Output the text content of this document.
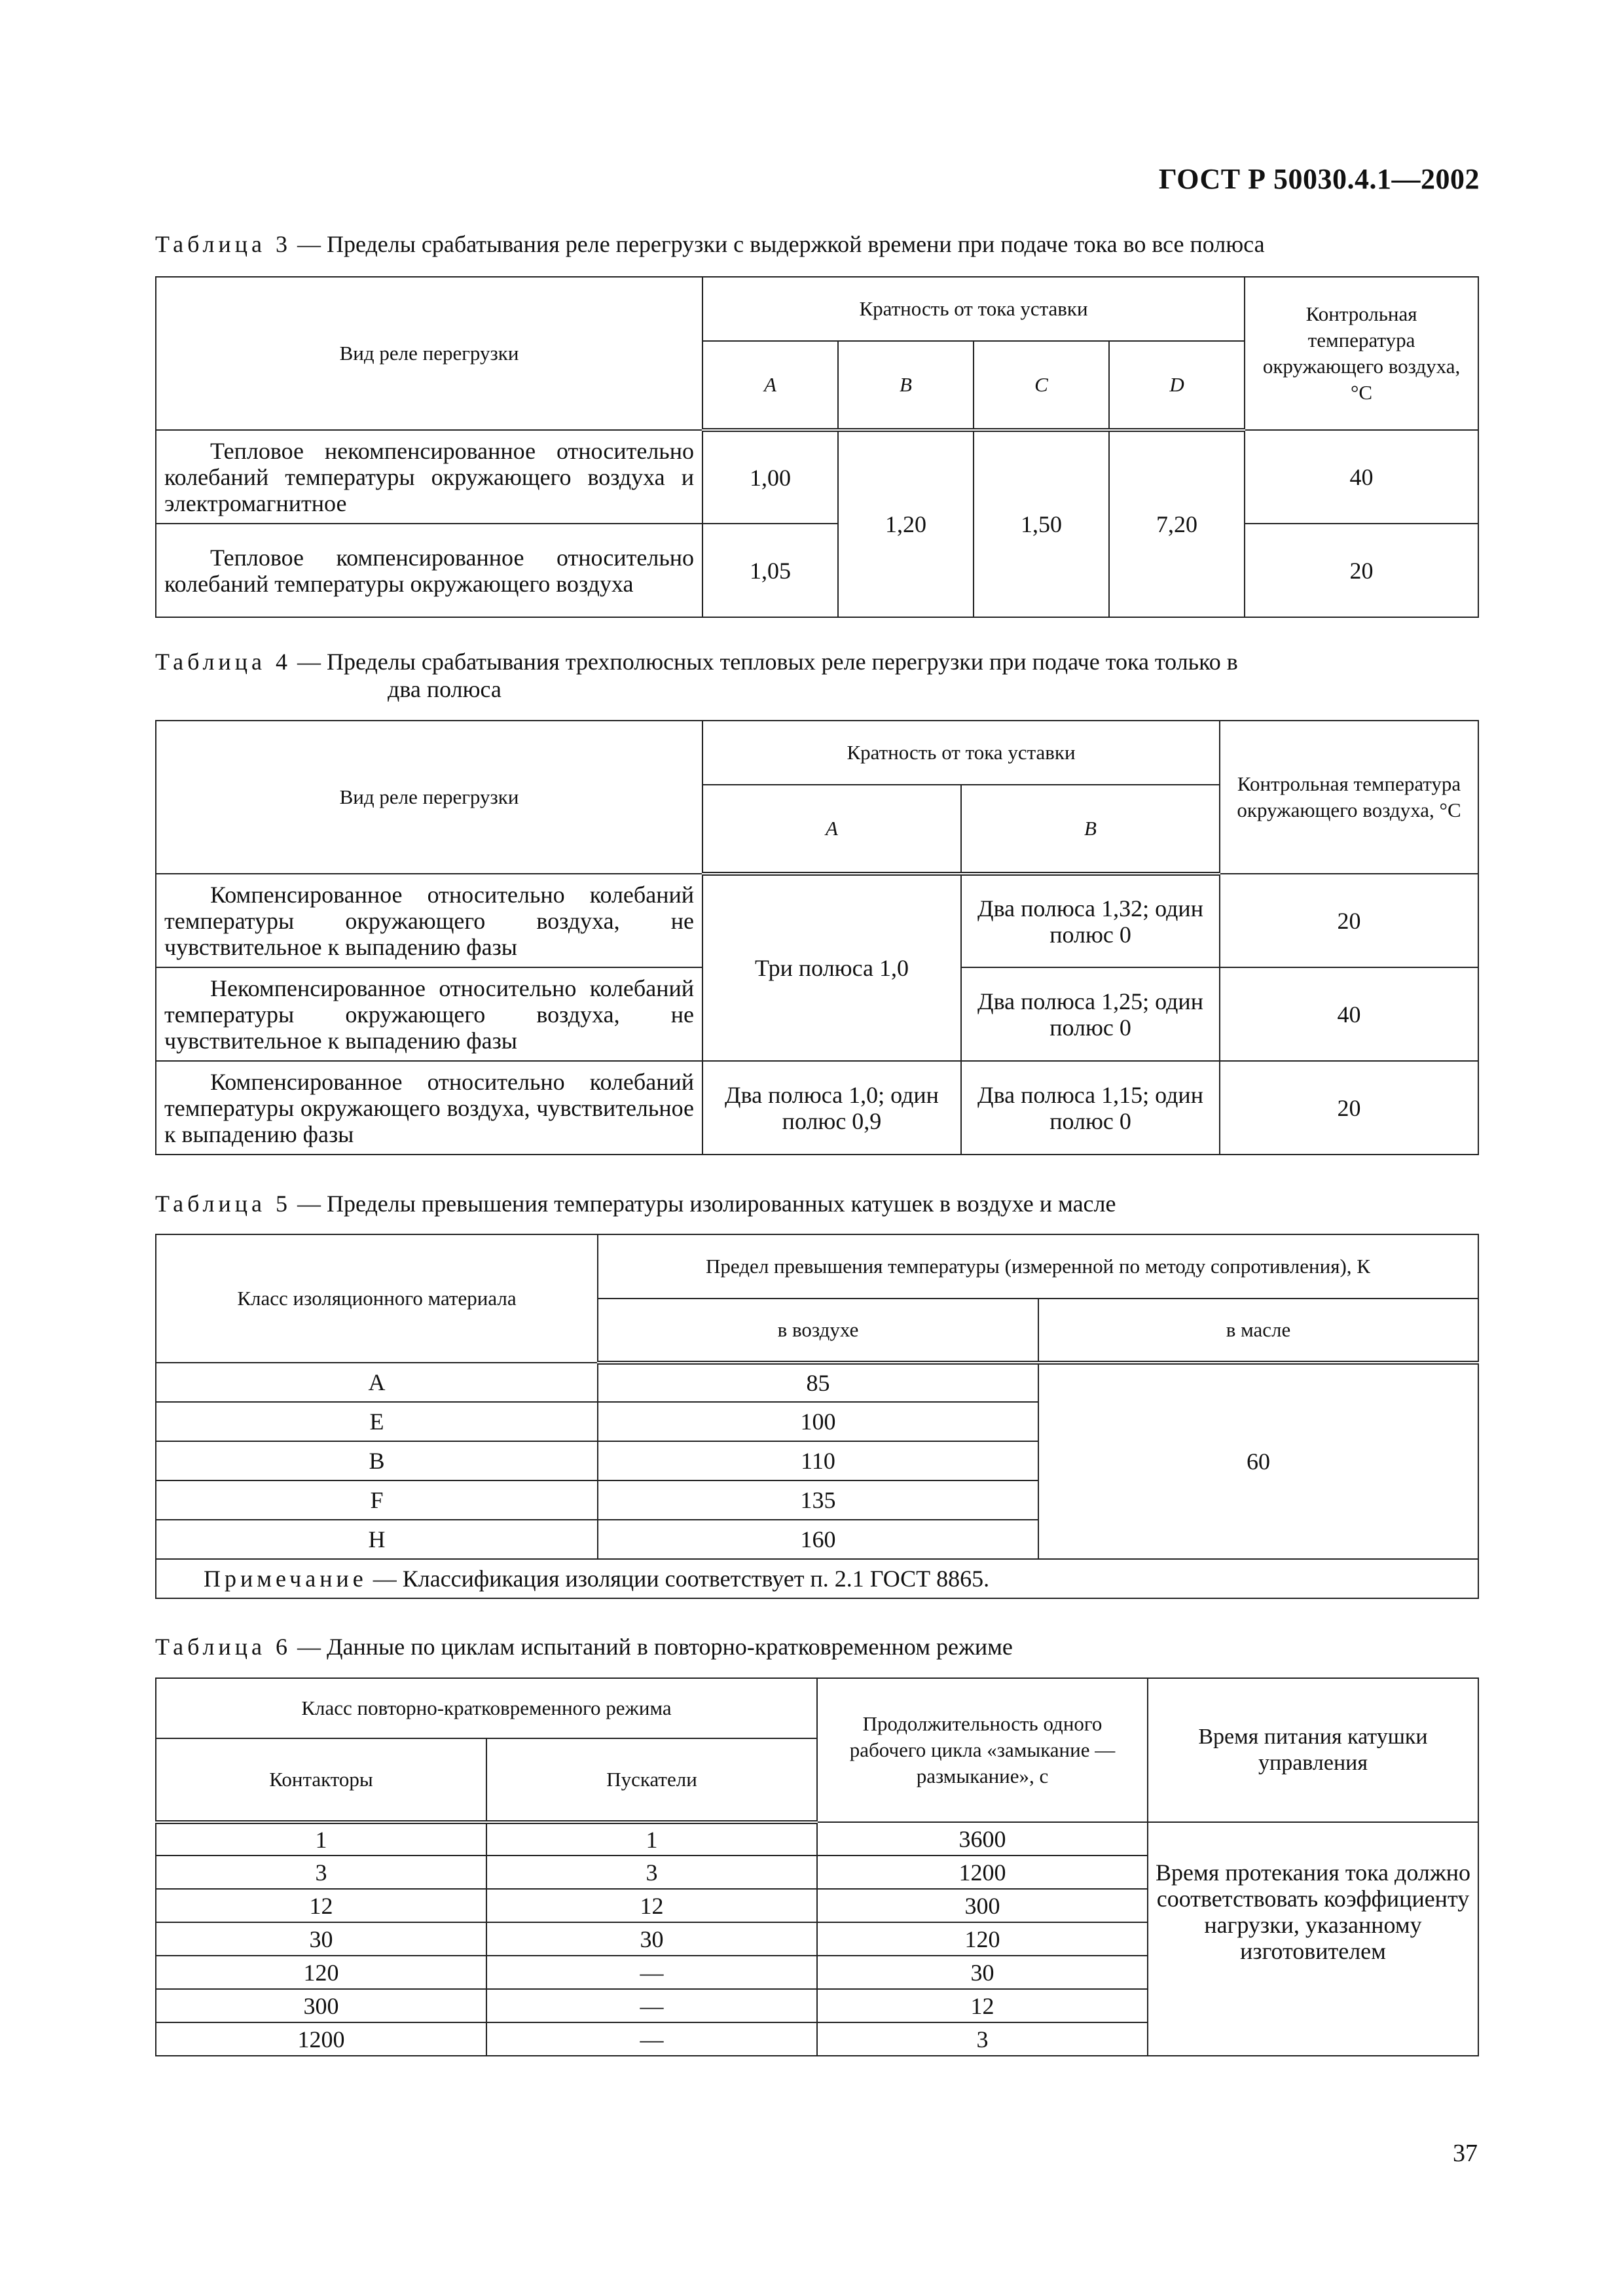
ГОСТ Р 50030.4.1—2002
Таблица 3 — Пределы срабатывания реле перегрузки с выдержкой времени при подаче тока во все полюса
Вид реле перегрузки	Кратность от тока уставки				Контрольная температура окружающего воздуха, °С
	A	B	C	D	
Тепловое некомпенсированное относительно колебаний температуры окружающего воздуха и электромагнитное	1,00	1,20	1,50	7,20	40
Тепловое компенсированное относительно колебаний температуры окружающего воздуха	1,05				20
Таблица 4 — Пределы срабатывания трехполюсных тепловых реле перегрузки при подаче тока только в
два полюса
Вид реле перегрузки	Кратность от тока уставки		Контрольная температура окружающего воздуха, °С
	A	B	
Компенсированное относительно колебаний температуры окружающего воздуха, не чувствительное к выпадению фазы	Три полюса 1,0	Два полюса 1,32; один полюс 0	20
Некомпенсированное относительно колебаний температуры окружающего воздуха, не чувствительное к выпадению фазы		Два полюса 1,25; один полюс 0	40
Компенсированное относительно колебаний температуры окружающего воздуха, чувствительное к выпадению фазы	Два полюса 1,0; один полюс 0,9	Два полюса 1,15; один полюс 0	20
Таблица 5 — Пределы превышения температуры изолированных катушек в воздухе и масле
Класс изоляционного материала	Предел превышения температуры (измеренной по методу сопротивления), К	
	в воздухе	в масле
A	85	60
E	100	
B	110	
F	135	
H	160	
Примечание — Классификация изоляции соответствует п. 2.1 ГОСТ 8865.		
Таблица 6 — Данные по циклам испытаний в повторно-кратковременном режиме
Класс повторно-кратковременного режима		Продолжительность одного рабочего цикла «замыкание — размыкание», с	Время питания катушки управления
Контакторы	Пускатели		
1	1	3600	Время протекания тока должно соответствовать коэффициенту нагрузки, указанному изготовителем
3	3	1200	
12	12	300	
30	30	120	
120	—	30	
300	—	12	
1200	—	3	
37
